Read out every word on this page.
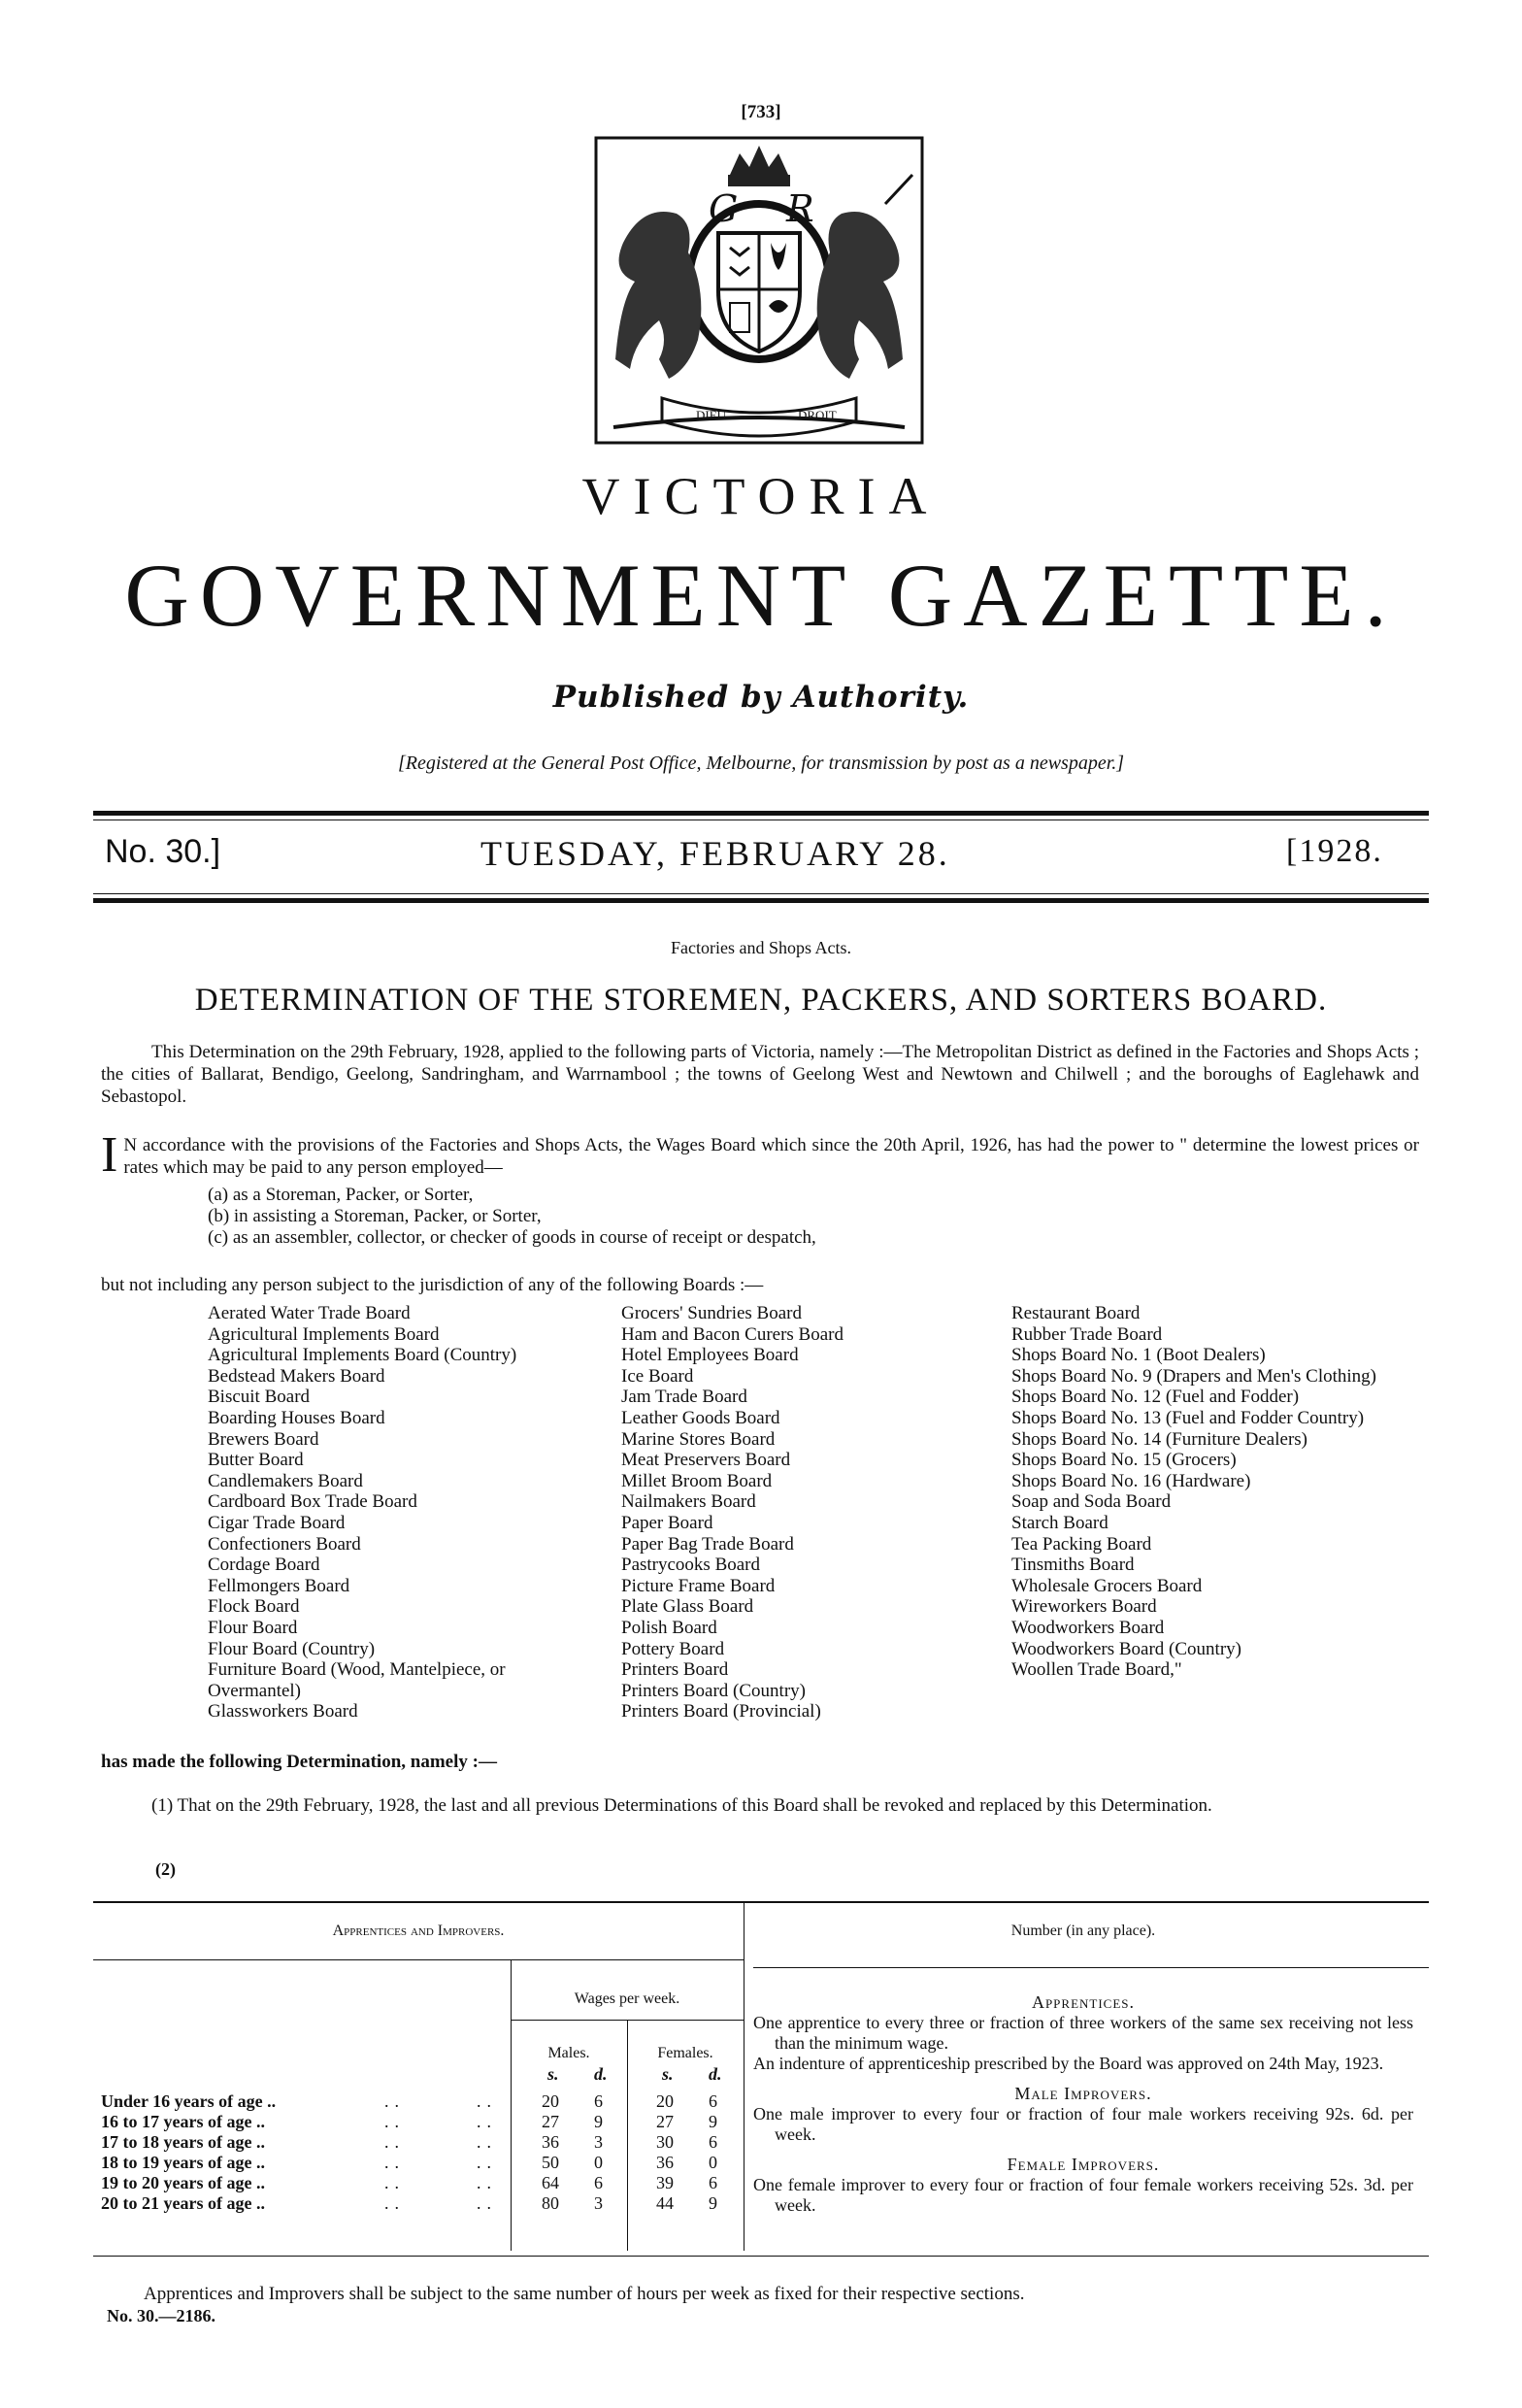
[733]
G R
DIEU	DROIT
VICTORIA
GOVERNMENT GAZETTE.
Published by Authority.
[Registered at the General Post Office, Melbourne, for transmission by post as a newspaper.]
No. 30.]	TUESDAY, FEBRUARY 28.	[1928.
Factories and Shops Acts.
DETERMINATION OF THE STOREMEN, PACKERS, AND SORTERS BOARD.
This Determination on the 29th February, 1928, applied to the following parts of Victoria, namely :—The Metropolitan District as defined in the Factories and Shops Acts ; the cities of Ballarat, Bendigo, Geelong, Sandringham, and Warrnambool ; the towns of Geelong West and Newtown and Chilwell ; and the boroughs of Eaglehawk and Sebastopol.
I N accordance with the provisions of the Factories and Shops Acts, the Wages Board which since the 20th April, 1926, has had the power to " determine the lowest prices or rates which may be paid to any person employed—
(a) as a Storeman, Packer, or Sorter,
(b) in assisting a Storeman, Packer, or Sorter,
(c) as an assembler, collector, or checker of goods in course of receipt or despatch,
but not including any person subject to the jurisdiction of any of the following Boards :—
Aerated Water Trade Board
Agricultural Implements Board
Agricultural Implements Board (Country)
Bedstead Makers Board
Biscuit Board
Boarding Houses Board
Brewers Board
Butter Board
Candlemakers Board
Cardboard Box Trade Board
Cigar Trade Board
Confectioners Board
Cordage Board
Fellmongers Board
Flock Board
Flour Board
Flour Board (Country)
Furniture Board (Wood, Mantelpiece, or
Overmantel)
Glassworkers Board
Grocers' Sundries Board
Ham and Bacon Curers Board
Hotel Employees Board
Ice Board
Jam Trade Board
Leather Goods Board
Marine Stores Board
Meat Preservers Board
Millet Broom Board
Nailmakers Board
Paper Board
Paper Bag Trade Board
Pastrycooks Board
Picture Frame Board
Plate Glass Board
Polish Board
Pottery Board
Printers Board
Printers Board (Country)
Printers Board (Provincial)
Restaurant Board
Rubber Trade Board
Shops Board No. 1 (Boot Dealers)
Shops Board No. 9 (Drapers and Men's Clothing)
Shops Board No. 12 (Fuel and Fodder)
Shops Board No. 13 (Fuel and Fodder Country)
Shops Board No. 14 (Furniture Dealers)
Shops Board No. 15 (Grocers)
Shops Board No. 16 (Hardware)
Soap and Soda Board
Starch Board
Tea Packing Board
Tinsmiths Board
Wholesale Grocers Board
Wireworkers Board
Woodworkers Board
Woodworkers Board (Country)
Woollen Trade Board,"
has made the following Determination, namely :—
(1) That on the 29th February, 1928, the last and all previous Determinations of this Board shall be revoked and replaced by this Determination.
(2)
Apprentices and Improvers.	Number (in any place).
Wages per week.
Males.	Females.
s. d.	s. d.
Under 16 years of age ..	..	..	20	6	20	6
16 to 17 years of age ..	..	..	27	9	27	9
17 to 18 years of age ..	..	..	36	3	30	6
18 to 19 years of age ..	..	..	50	0	36	0
19 to 20 years of age ..	..	..	64	6	39	6
20 to 21 years of age ..	..	..	80	3	44	9
Apprentices.
One apprentice to every three or fraction of three workers of the same sex receiving not less than the minimum wage.
An indenture of apprenticeship prescribed by the Board was approved on 24th May, 1923.
Male Improvers.
One male improver to every four or fraction of four male workers receiving 92s. 6d. per week.
Female Improvers.
One female improver to every four or fraction of four female workers receiving 52s. 3d. per week.
Apprentices and Improvers shall be subject to the same number of hours per week as fixed for their respective sections.
No. 30.—2186.
